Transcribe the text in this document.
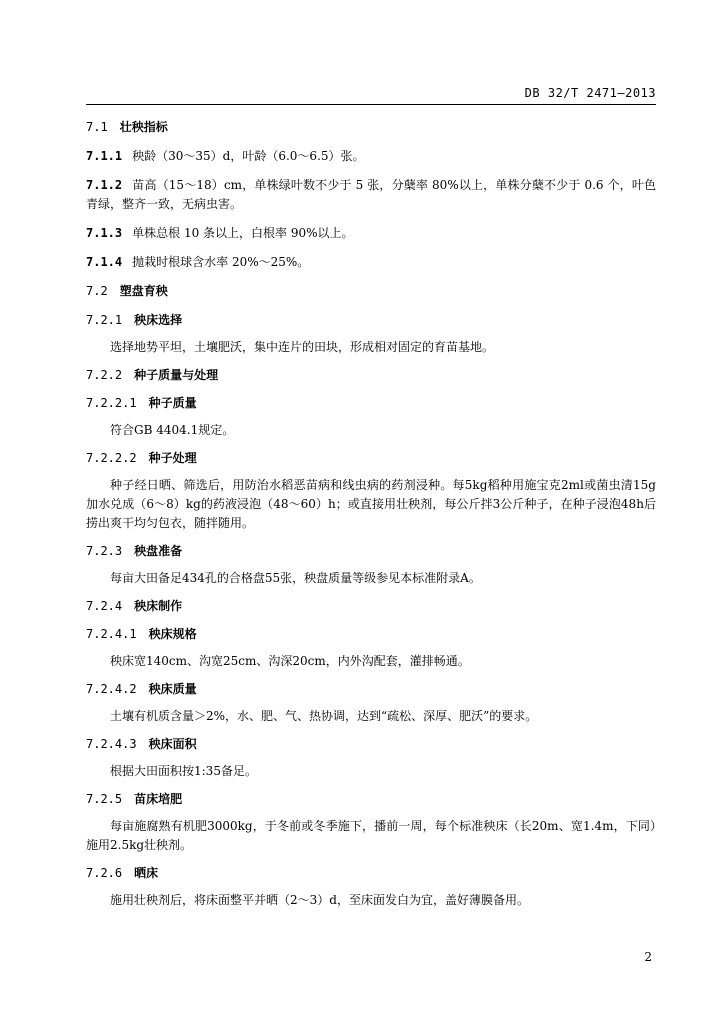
DB 32/T 2471—2013
7.1 壮秧指标
7.1.1 秧龄（30～35）d，叶龄（6.0～6.5）张。
7.1.2 苗高（15～18）cm，单株绿叶数不少于 5 张，分蘖率 80%以上，单株分蘖不少于 0.6 个，叶色青绿，整齐一致，无病虫害。
7.1.3 单株总根 10 条以上，白根率 90%以上。
7.1.4 抛栽时根球含水率 20%～25%。
7.2 塑盘育秧
7.2.1 秧床选择
选择地势平坦，土壤肥沃，集中连片的田块，形成相对固定的育苗基地。
7.2.2 种子质量与处理
7.2.2.1 种子质量
符合GB 4404.1规定。
7.2.2.2 种子处理
种子经日晒、筛选后，用防治水稻恶苗病和线虫病的药剂浸种。每5kg稻种用施宝克2ml或菌虫清15g加水兑成（6～8）kg的药液浸泡（48～60）h；或直接用壮秧剂，每公斤拌3公斤种子，在种子浸泡48h后捞出爽干均匀包衣，随拌随用。
7.2.3 秧盘准备
每亩大田备足434孔的合格盘55张，秧盘质量等级参见本标准附录A。
7.2.4 秧床制作
7.2.4.1 秧床规格
秧床宽140cm、沟宽25cm、沟深20cm，内外沟配套，灌排畅通。
7.2.4.2 秧床质量
土壤有机质含量＞2%，水、肥、气、热协调，达到“疏松、深厚、肥沃”的要求。
7.2.4.3 秧床面积
根据大田面积按1:35备足。
7.2.5 苗床培肥
每亩施腐熟有机肥3000kg，于冬前或冬季施下，播前一周，每个标准秧床（长20m、宽1.4m，下同）施用2.5kg壮秧剂。
7.2.6 晒床
施用壮秧剂后，将床面整平并晒（2～3）d，至床面发白为宜，盖好薄膜备用。
2
